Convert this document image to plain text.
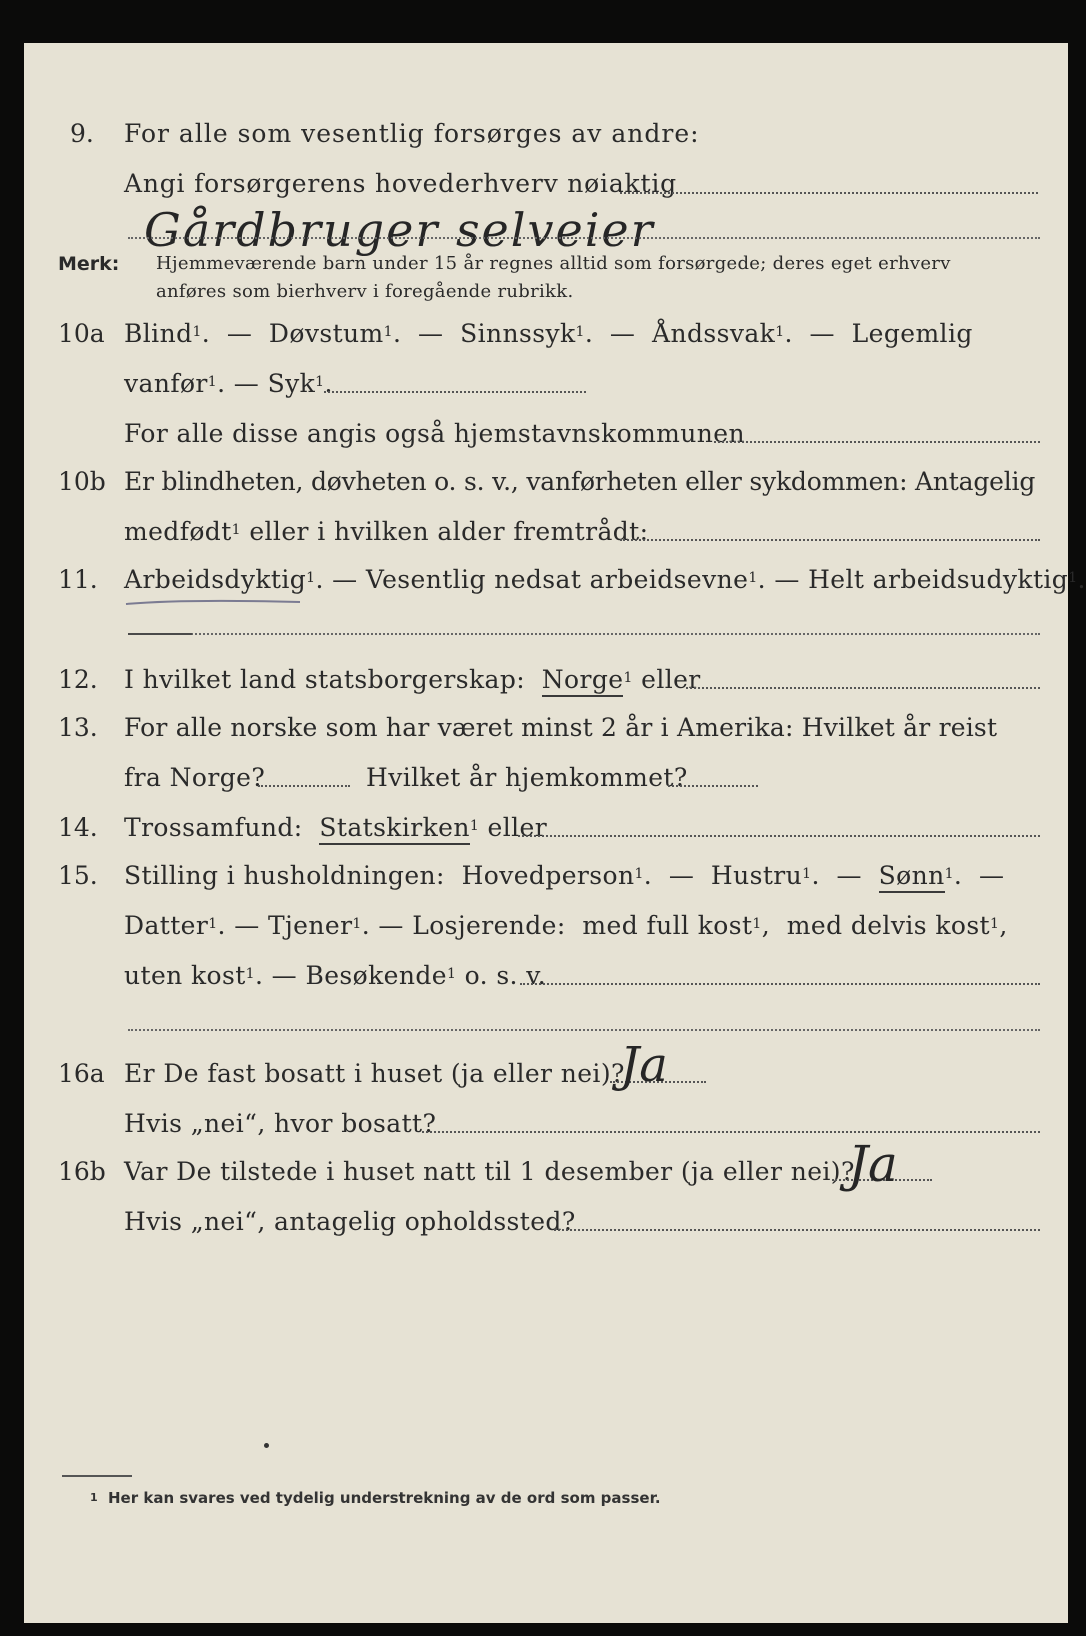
9. For alle som vesentlig forsørges av andre:
Angi forsørgerens hovederhverv nøiaktig
Gårdbruger selveier
Merk: Hjemmeværende barn under 15 år regnes alltid som forsørgede; deres eget erhverv
anføres som bierhverv i foregående rubrikk.
10a Blind$^1$.  —  Døvstum$^1$.  —  Sinnssyk$^1$.  —  Åndssvak$^1$.  —  Legemlig
vanfør$^1$. — Syk$^1$.
For alle disse angis også hjemstavnskommunen
10b Er blindheten, døvheten o. s. v., vanførheten eller sykdommen: Antagelig
medfødt$^1$ eller i hvilken alder fremtrådt:
11. Arbeidsdyktig$^1$. — Vesentlig nedsat arbeidsevne$^1$. — Helt arbeidsudyktig$^1$.
12. I hvilket land statsborgerskap: Norge$^1$ eller
13. For alle norske som har været minst 2 år i Amerika: Hvilket år reist
fra Norge?	Hvilket år hjemkommet?
14. Trossamfund: Statskirken$^1$ eller
15. Stilling i husholdningen: Hovedperson$^1$.  —  Hustru$^1$.  —  Sønn$^1$.  —
Datter$^1$. — Tjener$^1$. — Losjerende: med full kost$^1$,  med delvis kost$^1$,
uten kost$^1$. — Besøkende$^1$ o. s. v.
16a Er De fast bosatt i huset (ja eller nei)?
Ja
Hvis „nei“, hvor bosatt?
16b Var De tilstede i huset natt til 1 desember (ja eller nei)?
Ja
Hvis „nei“, antagelig opholdssted?
1 Her kan svares ved tydelig understrekning av de ord som passer.
